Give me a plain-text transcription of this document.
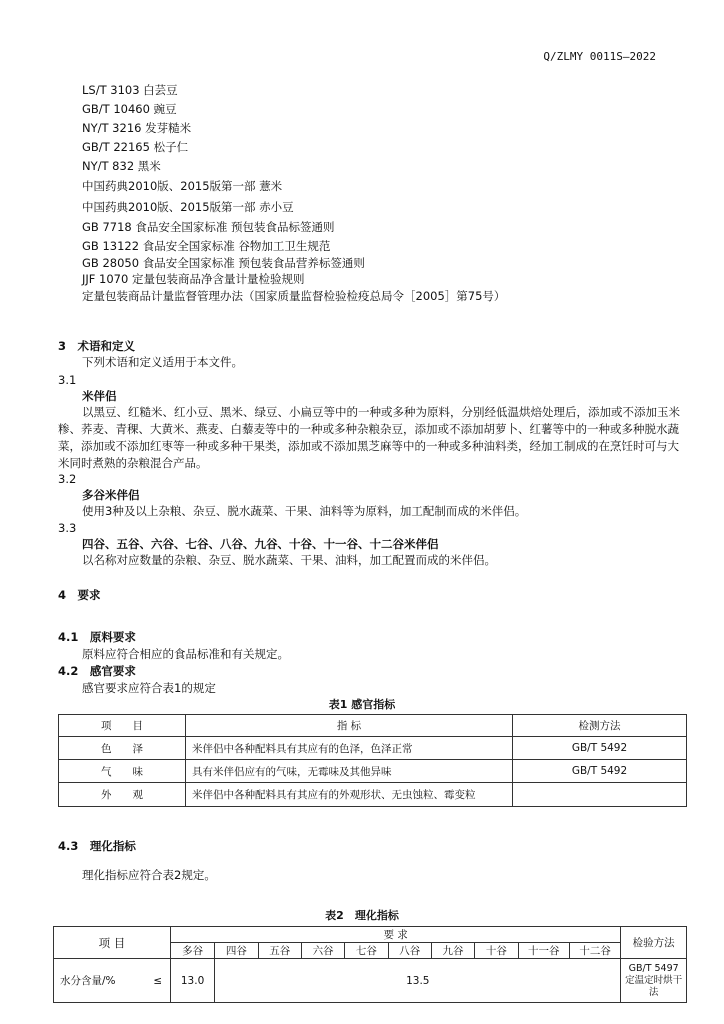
Q/ZLMY 0011S—2022
LS/T 3103 白芸豆
GB/T 10460 豌豆
NY/T 3216 发芽糙米
GB/T 22165 松子仁
NY/T 832 黑米
中国药典2010版、2015版第一部 薏米
中国药典2010版、2015版第一部 赤小豆
GB 7718 食品安全国家标准 预包装食品标签通则
GB 13122 食品安全国家标准 谷物加工卫生规范
GB 28050 食品安全国家标准 预包装食品营养标签通则
JJF 1070 定量包装商品净含量计量检验规则
定量包装商品计量监督管理办法（国家质量监督检验检疫总局令［2005］第75号）
3　术语和定义
下列术语和定义适用于本文件。
3.1
米伴侣
以黑豆、红糙米、红小豆、黑米、绿豆、小扁豆等中的一种或多种为原料，分别经低温烘焙处理后，添加或不添加玉米糁、荞麦、青稞、大黄米、燕麦、白藜麦等中的一种或多种杂粮杂豆，添加或不添加胡萝卜、红薯等中的一种或多种脱水蔬菜，添加或不添加红枣等一种或多种干果类，添加或不添加黑芝麻等中的一种或多种油料类，经加工制成的在烹饪时可与大米同时煮熟的杂粮混合产品。
3.2
多谷米伴侣
使用3种及以上杂粮、杂豆、脱水蔬菜、干果、油料等为原料，加工配制而成的米伴侣。
3.3
四谷、五谷、六谷、七谷、八谷、九谷、十谷、十一谷、十二谷米伴侣
以名称对应数量的杂粮、杂豆、脱水蔬菜、干果、油料，加工配置而成的米伴侣。
4　要求
4.1　原料要求
原料应符合相应的食品标准和有关规定。
4.2　感官要求
感官要求应符合表1的规定
表1 感官指标
项　　目	指 标	检测方法
色　　泽	米伴侣中各种配料具有其应有的色泽，色泽正常	GB/T 5492
气　　味	具有米伴侣应有的气味，无霉味及其他异味	GB/T 5492
外　　观	米伴侣中各种配料具有其应有的外观形状、无虫蚀粒、霉变粒	
4.3　理化指标
理化指标应符合表2规定。
表2　理化指标
项 目		要 求										检验方法
		多谷	四谷	五谷	六谷	七谷	八谷	九谷	十谷	十一谷	十二谷	
水分含量/%	≤	13.0	13.5									GB/T 5497 定温定时烘干法
